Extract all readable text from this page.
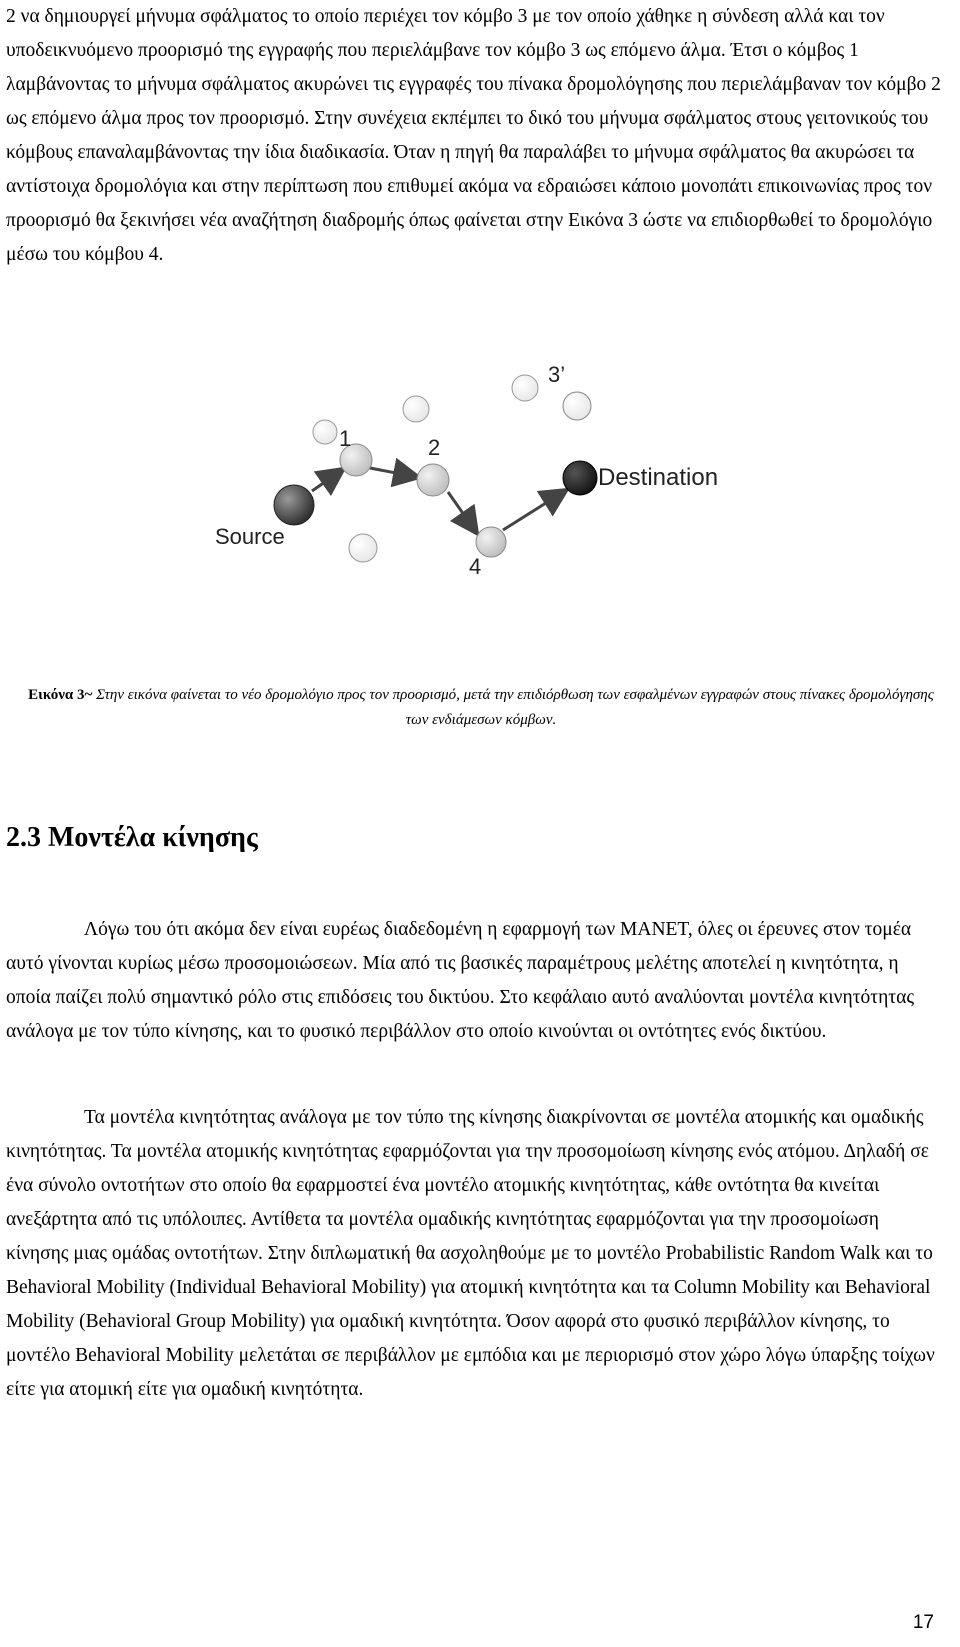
2 να δημιουργεί μήνυμα σφάλματος το οποίο περιέχει τον κόμβο 3 με τον οποίο χάθηκε η σύνδεση αλλά και τον υποδεικνυόμενο προορισμό της εγγραφής που περιελάμβανε τον κόμβο 3 ως επόμενο άλμα. Έτσι ο κόμβος 1 λαμβάνοντας το μήνυμα σφάλματος ακυρώνει τις εγγραφές του πίνακα δρομολόγησης που περιελάμβαναν τον κόμβο 2 ως επόμενο άλμα προς τον προορισμό. Στην συνέχεια εκπέμπει το δικό του μήνυμα σφάλματος στους γειτονικούς του κόμβους επαναλαμβάνοντας την ίδια διαδικασία. Όταν η πηγή θα παραλάβει το μήνυμα σφάλματος θα ακυρώσει τα αντίστοιχα δρομολόγια και στην περίπτωση που επιθυμεί ακόμα να εδραιώσει κάποιο μονοπάτι επικοινωνίας προς τον προορισμό θα ξεκινήσει νέα αναζήτηση διαδρομής όπως φαίνεται στην Εικόνα 3 ώστε να επιδιορθωθεί το δρομολόγιο μέσω του κόμβου 4.

Source
Destination
1	2
3’
4

Εικόνα 3~ Στην εικόνα φαίνεται το νέο δρομολόγιο προς τον προορισμό, μετά την επιδιόρθωση των εσφαλμένων εγγραφών στους πίνακες δρομολόγησης των ενδιάμεσων κόμβων.

2.3 Μοντέλα κίνησης

Λόγω του ότι ακόμα δεν είναι ευρέως διαδεδομένη η εφαρμογή των MANET, όλες οι έρευνες στον τομέα αυτό γίνονται κυρίως μέσω προσομοιώσεων. Μία από τις βασικές παραμέτρους μελέτης αποτελεί η κινητότητα, η οποία παίζει πολύ σημαντικό ρόλο στις επιδόσεις του δικτύου. Στο κεφάλαιο αυτό αναλύονται μοντέλα κινητότητας ανάλογα με τον τύπο κίνησης, και το φυσικό περιβάλλον στο οποίο κινούνται οι οντότητες ενός δικτύου.

Τα μοντέλα κινητότητας ανάλογα με τον τύπο της κίνησης διακρίνονται σε μοντέλα ατομικής και ομαδικής κινητότητας. Τα μοντέλα ατομικής κινητότητας εφαρμόζονται για την προσομοίωση κίνησης ενός ατόμου. Δηλαδή σε ένα σύνολο οντοτήτων στο οποίο θα εφαρμοστεί ένα μοντέλο ατομικής κινητότητας, κάθε οντότητα θα κινείται ανεξάρτητα από τις υπόλοιπες. Αντίθετα τα μοντέλα ομαδικής κινητότητας εφαρμόζονται για την προσομοίωση κίνησης μιας ομάδας οντοτήτων. Στην διπλωματική θα ασχοληθούμε με το μοντέλο Probabilistic Random Walk και το Behavioral Mobility (Individual Behavioral Mobility) για ατομική κινητότητα και τα Column Mobility και Behavioral Mobility (Behavioral Group Mobility) για ομαδική κινητότητα. Όσον αφορά στο φυσικό περιβάλλον κίνησης, το μοντέλο Behavioral Mobility μελετάται σε περιβάλλον με εμπόδια και με περιορισμό στον χώρο λόγω ύπαρξης τοίχων είτε για ατομική είτε για ομαδική κινητότητα.

17
